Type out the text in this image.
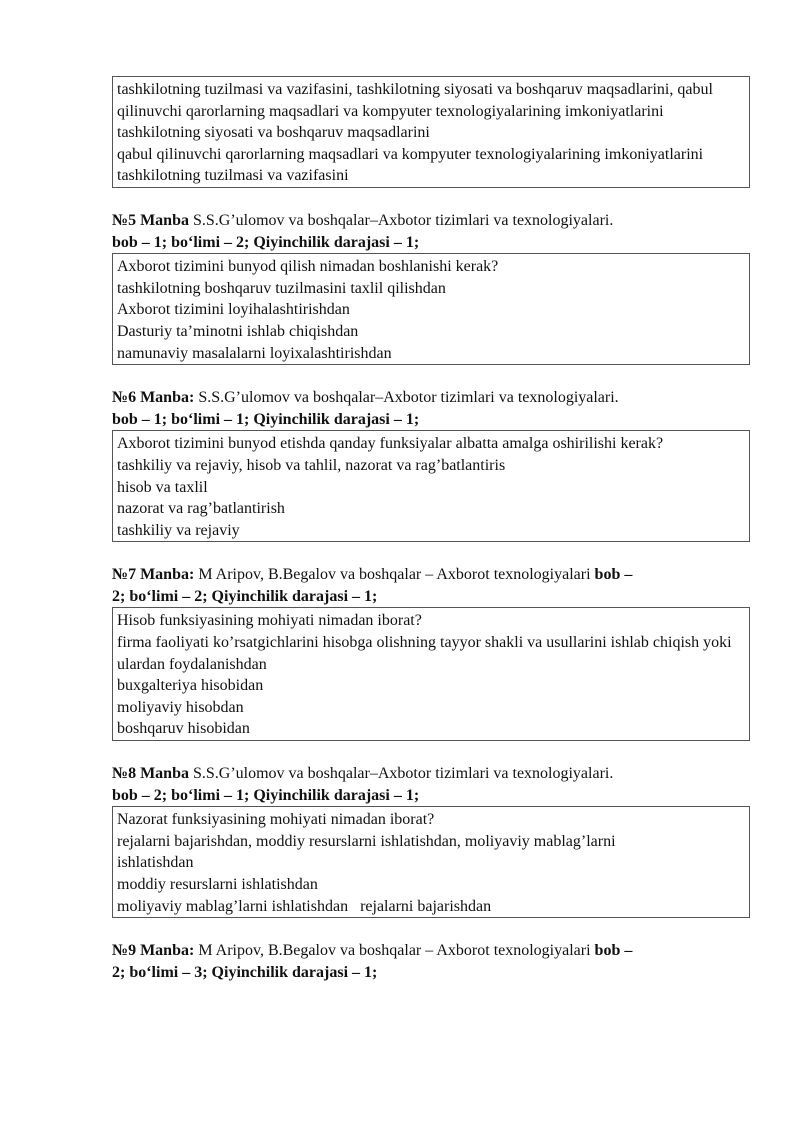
tashkilotning tuzilmasi va vazifasini, tashkilotning siyosati va boshqaruv maqsadlarini, qabul qilinuvchi qarorlarning maqsadlari va kompyuter texnologiyalarining imkoniyatlarini
tashkilotning siyosati va boshqaruv maqsadlarini
qabul qilinuvchi qarorlarning maqsadlari va kompyuter texnologiyalarining imkoniyatlarini
tashkilotning tuzilmasi va vazifasini
№5 Manba S.S.G’ulomov va boshqalar–Axbotor tizimlari va texnologiyalari.
bob – 1; bo‘limi – 2; Qiyinchilik darajasi – 1;
Axborot tizimini bunyod qilish nimadan boshlanishi kerak?
tashkilotning boshqaruv tuzilmasini taxlil qilishdan
Axborot tizimini loyihalashtirishdan
Dasturiy ta’minotni ishlab chiqishdan
namunaviy masalalarni loyixalashtirishdan
№6 Manba: S.S.G’ulomov va boshqalar–Axbotor tizimlari va texnologiyalari.
bob – 1; bo‘limi – 1; Qiyinchilik darajasi – 1;
Axborot tizimini bunyod etishda qanday funksiyalar albatta amalga oshirilishi kerak?
tashkiliy va rejaviy, hisob va tahlil, nazorat va rag’batlantiris
hisob va taxlil
nazorat va rag’batlantirish
tashkiliy va rejaviy
№7 Manba: M Aripov, B.Begalov va boshqalar – Axborot texnologiyalari bob –
2; bo‘limi – 2; Qiyinchilik darajasi – 1;
Hisob funksiyasining mohiyati nimadan iborat?
firma faoliyati ko’rsatgichlarini hisobga olishning tayyor shakli va usullarini ishlab chiqish yoki ulardan foydalanishdan
buxgalteriya hisobidan
moliyaviy hisobdan
boshqaruv hisobidan
№8 Manba S.S.G’ulomov va boshqalar–Axbotor tizimlari va texnologiyalari.
bob – 2; bo‘limi – 1; Qiyinchilik darajasi – 1;
Nazorat funksiyasining mohiyati nimadan iborat?
rejalarni bajarishdan, moddiy resurslarni ishlatishdan, moliyaviy mablag’larni ishlatishdan
moddiy resurslarni ishlatishdan
moliyaviy mablag’larni ishlatishdan   rejalarni bajarishdan
№9 Manba: M Aripov, B.Begalov va boshqalar – Axborot texnologiyalari bob –
2; bo‘limi – 3; Qiyinchilik darajasi – 1;
